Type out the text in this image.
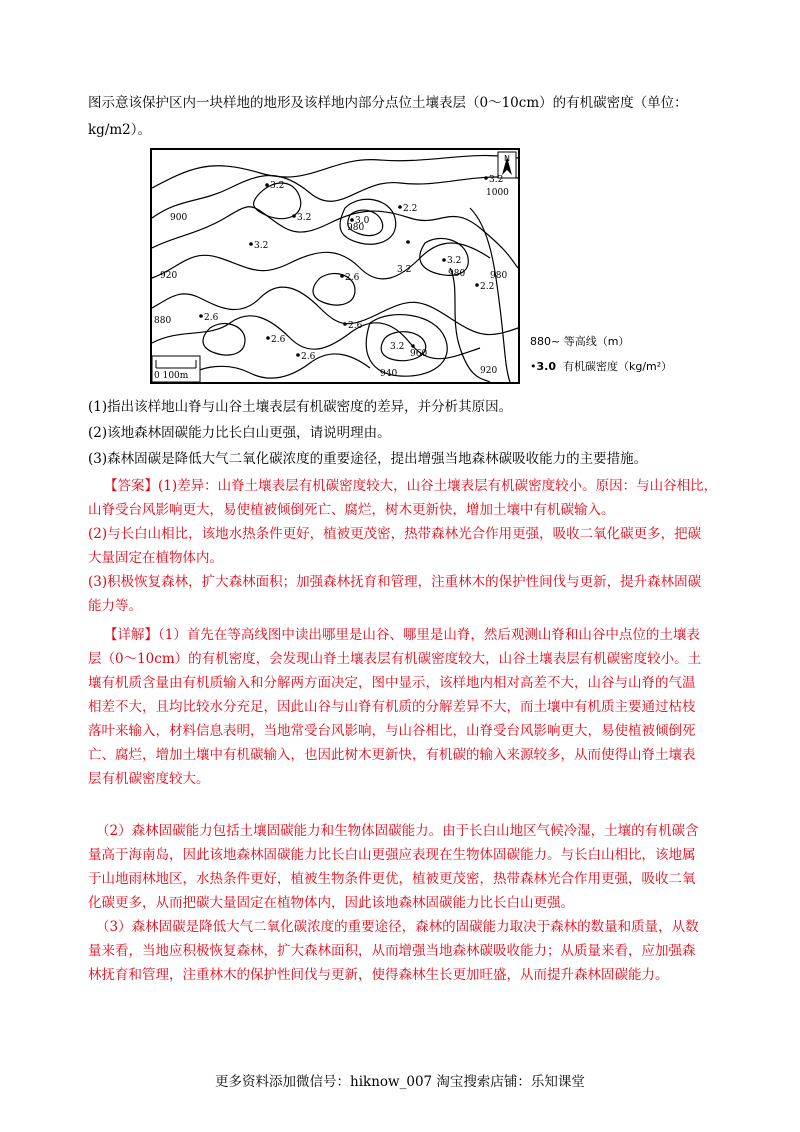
图示意该保护区内一块样地的地形及该样地内部分点位土壤表层（0～10cm）的有机碳密度（单位：
kg/m2）。
N
0 100m
1000
900
920
880
980
980	980
960
940	920
3.2
3.2
3.2
3.0
2.2
3.2
2.6
3.2
2.2
2.6
2.6
2.6
2.6
3.2
3.2
880~ 等高线（m）
•3.0 有机碳密度（kg/m²）
(1)指出该样地山脊与山谷土壤表层有机碳密度的差异，并分析其原因。
(2)该地森林固碳能力比长白山更强，请说明理由。
(3)森林固碳是降低大气二氧化碳浓度的重要途径，提出增强当地森林碳吸收能力的主要措施。
【答案】(1)差异：山脊土壤表层有机碳密度较大，山谷土壤表层有机碳密度较小。原因：与山谷相比，
山脊受台风影响更大，易使植被倾倒死亡、腐烂，树木更新快，增加土壤中有机碳输入。
(2)与长白山相比，该地水热条件更好，植被更茂密，热带森林光合作用更强，吸收二氧化碳更多，把碳
大量固定在植物体内。
(3)积极恢复森林，扩大森林面积；加强森林抚育和管理，注重林木的保护性间伐与更新，提升森林固碳
能力等。
【详解】（1）首先在等高线图中读出哪里是山谷、哪里是山脊，然后观测山脊和山谷中点位的土壤表
层（0～10cm）的有机密度，会发现山脊土壤表层有机碳密度较大，山谷土壤表层有机碳密度较小。土
壤有机质含量由有机质输入和分解两方面决定，图中显示，该样地内相对高差不大，山谷与山脊的气温
相差不大，且均比较水分充足，因此山谷与山脊有机质的分解差异不大，而土壤中有机质主要通过枯枝
落叶来输入，材料信息表明，当地常受台风影响，与山谷相比，山脊受台风影响更大，易使植被倾倒死
亡、腐烂，增加土壤中有机碳输入，也因此树木更新快，有机碳的输入来源较多，从而使得山脊土壤表
层有机碳密度较大。
（2）森林固碳能力包括土壤固碳能力和生物体固碳能力。由于长白山地区气候冷湿，土壤的有机碳含
量高于海南岛，因此该地森林固碳能力比长白山更强应表现在生物体固碳能力。与长白山相比，该地属
于山地雨林地区，水热条件更好，植被生物条件更优，植被更茂密，热带森林光合作用更强，吸收二氧
化碳更多，从而把碳大量固定在植物体内，因此该地森林固碳能力比长白山更强。
（3）森林固碳是降低大气二氧化碳浓度的重要途径，森林的固碳能力取决于森林的数量和质量，从数
量来看，当地应积极恢复森林，扩大森林面积，从而增强当地森林碳吸收能力；从质量来看，应加强森
林抚育和管理，注重林木的保护性间伐与更新，使得森林生长更加旺盛，从而提升森林固碳能力。
更多资料添加微信号：hiknow_007 淘宝搜索店铺：乐知课堂
